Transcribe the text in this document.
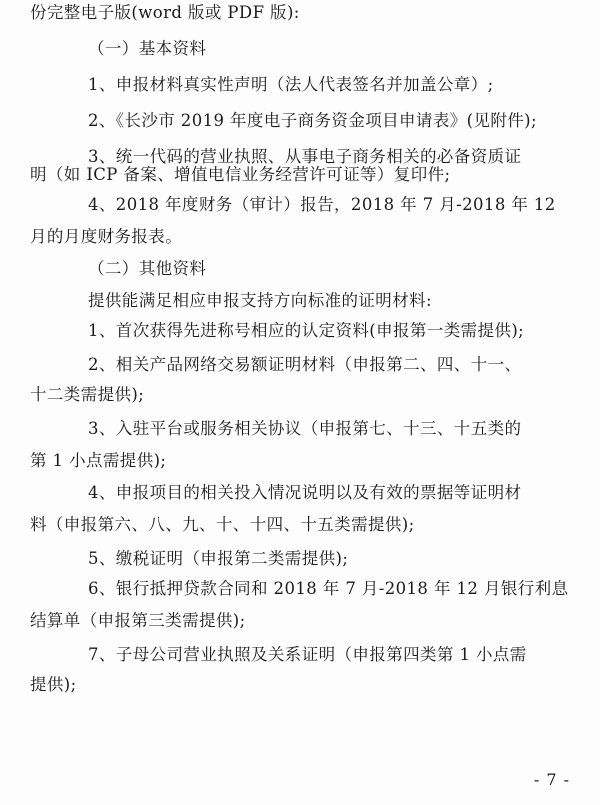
份完整电子版(word 版或 PDF 版):
（一）基本资料
1、申报材料真实性声明（法人代表签名并加盖公章）;
2、《长沙市 2019 年度电子商务资金项目申请表》(见附件);
3、统一代码的营业执照、从事电子商务相关的必备资质证
明（如 ICP 备案、增值电信业务经营许可证等）复印件;
4、2018 年度财务（审计）报告，2018 年 7 月-2018 年 12
月的月度财务报表。
（二）其他资料
提供能满足相应申报支持方向标准的证明材料:
1、首次获得先进称号相应的认定资料(申报第一类需提供);
2、相关产品网络交易额证明材料（申报第二、四、十一、
十二类需提供);
3、入驻平台或服务相关协议（申报第七、十三、十五类的
第 1 小点需提供);
4、申报项目的相关投入情况说明以及有效的票据等证明材
料（申报第六、八、九、十、十四、十五类需提供);
5、缴税证明（申报第二类需提供);
6、银行抵押贷款合同和 2018 年 7 月-2018 年 12 月银行利息
结算单（申报第三类需提供);
7、子母公司营业执照及关系证明（申报第四类第 1 小点需
提供);
- 7 -
